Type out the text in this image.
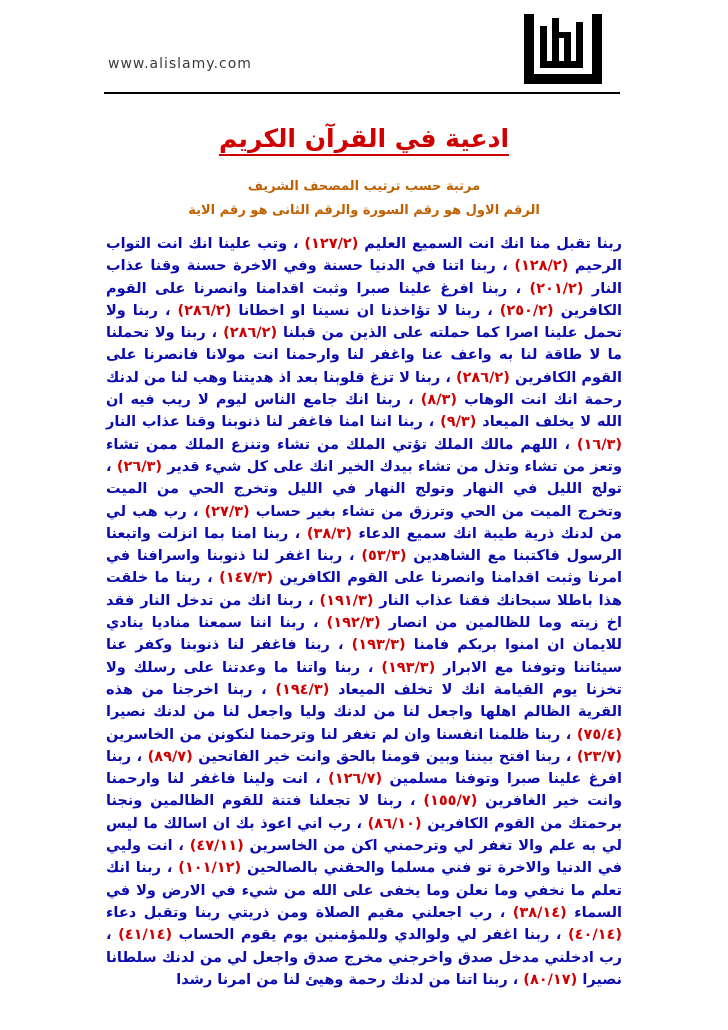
www.alislamy.com
ادعية في القرآن الكريم
مرتبة حسب ترتيب المصحف الشريف
الرقم الاول هو رقم السورة والرقم الثانى هو رقم الاية

ربنا تقبل منا انك انت السميع العليم (١٢٧/٢) ، وتب علينا انك انت التواب الرحيم (١٢٨/٢) ، ربنا اتنا في الدنيا حسنة وفي الاخرة حسنة وقنا عذاب النار (٢٠١/٢) ، ربنا افرغ علينا صبرا وثبت اقدامنا وانصرنا على القوم الكافرين (٢٥٠/٢) ، ربنا لا تؤاخذنا ان نسينا او اخطانا (٢٨٦/٢) ، ربنا ولا تحمل علينا اصرا كما حملته على الذين من قبلنا (٢٨٦/٢) ، ربنا ولا تحملنا ما لا طاقة لنا به واعف عنا واغفر لنا وارحمنا انت مولانا فانصرنا على القوم الكافرين (٢٨٦/٢) ، ربنا لا تزغ قلوبنا بعد اذ هديتنا وهب لنا من لدنك رحمة انك انت الوهاب (٨/٣) ، ربنا انك جامع الناس ليوم لا ريب فيه ان الله لا يخلف الميعاد (٩/٣) ، ربنا اننا امنا فاغفر لنا ذنوبنا وقنا عذاب النار (١٦/٣) ، اللهم مالك الملك تؤتي الملك من تشاء وتنزع الملك ممن تشاء وتعز من تشاء وتذل من تشاء بيدك الخير انك على كل شيء قدير (٢٦/٣) ، تولج الليل في النهار وتولج النهار في الليل وتخرج الحي من الميت وتخرج الميت من الحي وترزق من تشاء بغير حساب (٢٧/٣) ، رب هب لي من لدنك ذرية طيبة انك سميع الدعاء (٣٨/٣) ، ربنا امنا بما انزلت واتبعنا الرسول فاكتبنا مع الشاهدين (٥٣/٣) ، ربنا اغفر لنا ذنوبنا واسرافنا في امرنا وثبت اقدامنا وانصرنا على القوم الكافرين (١٤٧/٣) ، ربنا ما خلقت هذا باطلا سبحانك فقنا عذاب النار (١٩١/٣) ، ربنا انك من تدخل النار فقد اخ زيته وما للظالمين من انصار (١٩٢/٣) ، ربنا اننا سمعنا مناديا ينادي للايمان ان امنوا بربكم فامنا (١٩٣/٣) ، ربنا فاغفر لنا ذنوبنا وكفر عنا سيئاتنا وتوفنا مع الابرار (١٩٣/٣) ، ربنا واتنا ما وعدتنا على رسلك ولا تخزنا يوم القيامة انك لا تخلف الميعاد (١٩٤/٣) ، ربنا اخرجنا من هذه القرية الظالم اهلها واجعل لنا من لدنك وليا واجعل لنا من لدنك نصيرا (٧٥/٤) ، ربنا ظلمنا انفسنا وان لم تغفر لنا وترحمنا لنكونن من الخاسرين (٢٣/٧) ، ربنا افتح بيننا وبين قومنا بالحق وانت خير الفاتحين (٨٩/٧) ، ربنا افرغ علينا صبرا وتوفنا مسلمين (١٢٦/٧) ، انت ولينا فاغفر لنا وارحمنا وانت خير الغافرين (١٥٥/٧) ، ربنا لا تجعلنا فتنة للقوم الظالمين ونجنا برحمتك من القوم الكافرين (٨٦/١٠) ، رب اني اعوذ بك ان اسالك ما ليس لي به علم والا تغفر لي وترحمني اكن من الخاسرين (٤٧/١١) ، انت وليي في الدنيا والاخرة تو فني مسلما والحقني بالصالحين (١٠١/١٢) ، ربنا انك تعلم ما نخفي وما نعلن وما يخفى على الله من شيء في الارض ولا في السماء (٣٨/١٤) ، رب اجعلني مقيم الصلاة ومن ذريتي ربنا وتقبل دعاء (٤٠/١٤) ، ربنا اغفر لي ولوالدي وللمؤمنين يوم يقوم الحساب (٤١/١٤) ، رب ادخلني مدخل صدق واخرجني مخرج صدق واجعل لي من لدنك سلطانا نصيرا (٨٠/١٧) ، ربنا اتنا من لدنك رحمة وهيئ لنا من امرنا رشدا
